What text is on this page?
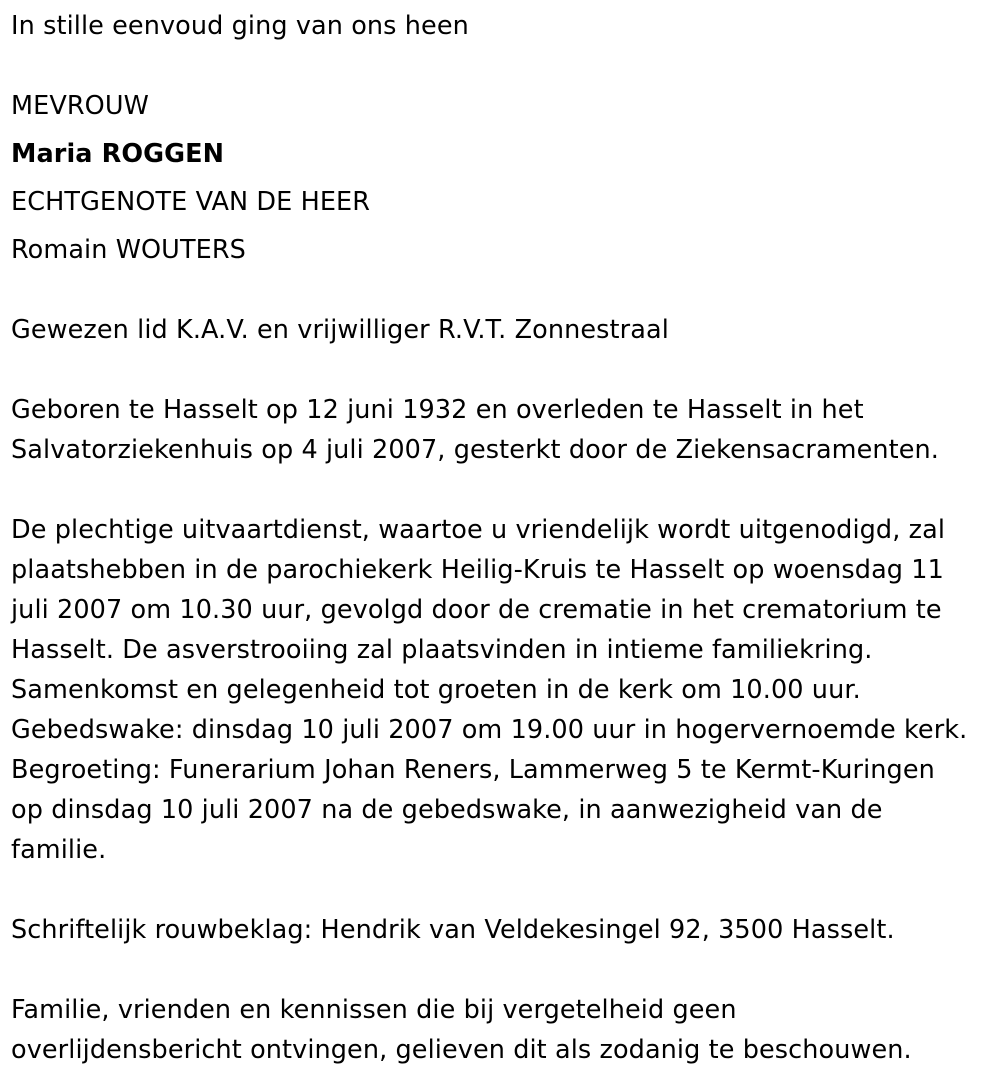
In stille eenvoud ging van ons heen
MEVROUW
Maria ROGGEN
ECHTGENOTE VAN DE HEER
Romain WOUTERS
Gewezen lid K.A.V. en vrijwilliger R.V.T. Zonnestraal
Geboren te Hasselt op 12 juni 1932 en overleden te Hasselt in het
Salvatorziekenhuis op 4 juli 2007, gesterkt door de Ziekensacramenten.
De plechtige uitvaartdienst, waartoe u vriendelijk wordt uitgenodigd, zal
plaatshebben in de parochiekerk Heilig-Kruis te Hasselt op woensdag 11
juli 2007 om 10.30 uur, gevolgd door de crematie in het crematorium te
Hasselt. De asverstrooiing zal plaatsvinden in intieme familiekring.
Samenkomst en gelegenheid tot groeten in de kerk om 10.00 uur.
Gebedswake: dinsdag 10 juli 2007 om 19.00 uur in hogervernoemde kerk.
Begroeting: Funerarium Johan Reners, Lammerweg 5 te Kermt-Kuringen
op dinsdag 10 juli 2007 na de gebedswake, in aanwezigheid van de
familie.
Schriftelijk rouwbeklag: Hendrik van Veldekesingel 92, 3500 Hasselt.
Familie, vrienden en kennissen die bij vergetelheid geen
overlijdensbericht ontvingen, gelieven dit als zodanig te beschouwen.
